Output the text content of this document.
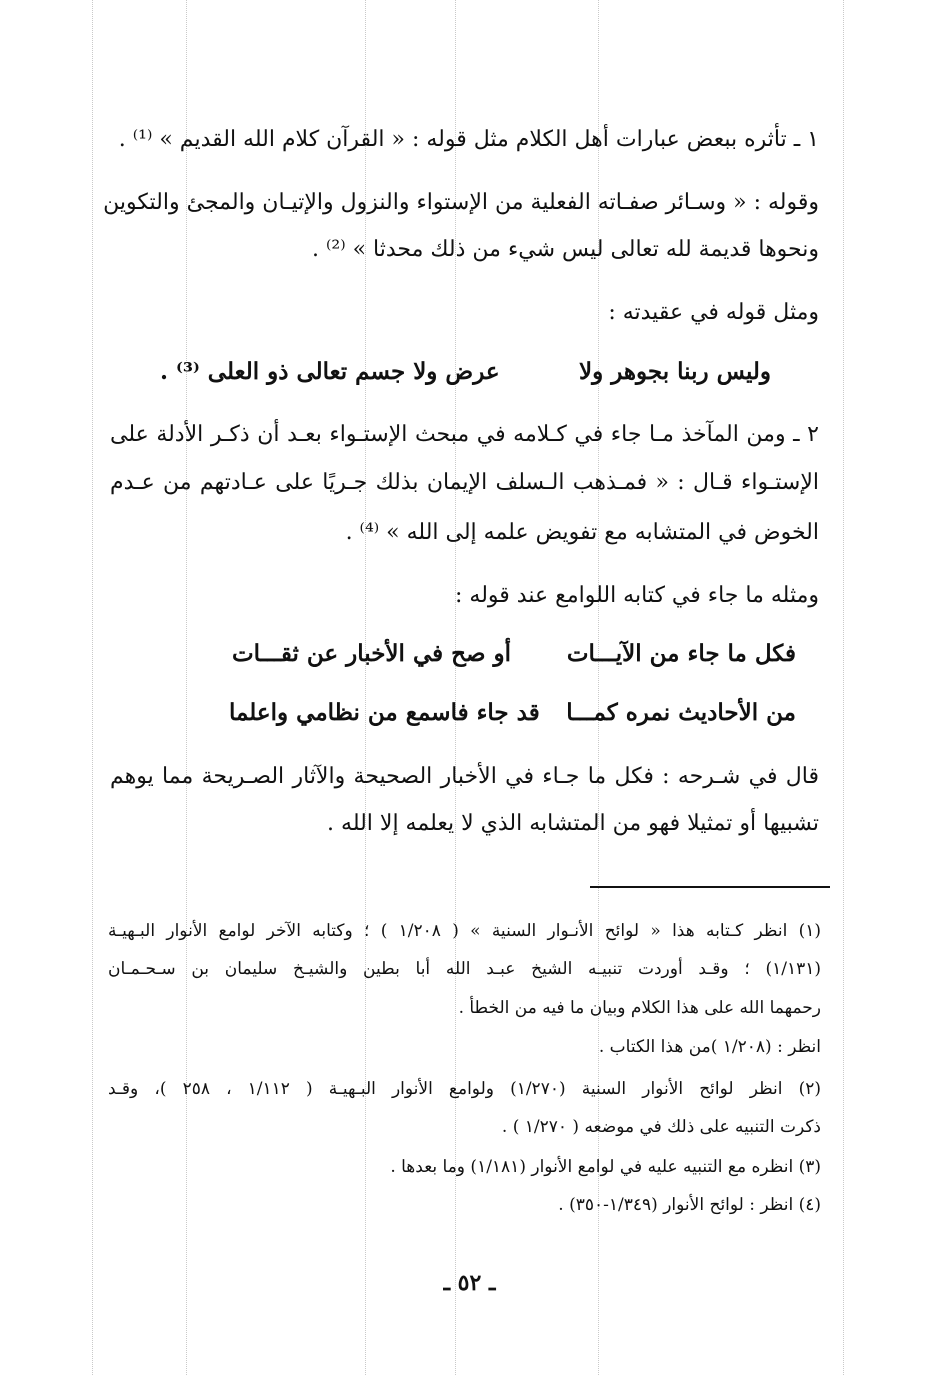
١ ـ تأثره ببعض عبارات أهل الكلام مثل قوله : « القرآن كلام الله القديم » ⁽¹⁾ .
وقوله : « وسـائر صفـاته الفعلية من الإستواء والنزول والإتيـان والمجئ والتكوين
ونحوها قديمة لله تعالى ليس شيء من ذلك محدثا » ⁽²⁾ .
ومثل قوله في عقيدته :
وليس ربنا بجوهر ولا
عرض ولا جسم تعالى ذو العلى ⁽³⁾ .
٢ ـ ومن المآخذ مـا جاء في كـلامه في مبحث الإستـواء بعـد أن ذكـر الأدلة على
الإستـواء قـال : « فمـذهب الـسلف الإيمان بذلك جـريًا على عـادتهم من عـدم
الخوض في المتشابه مع تفويض علمه إلى الله » ⁽⁴⁾ .
ومثله ما جاء في كتابه اللوامع عند قوله :
فكل ما جاء من الآيـــات
أو صح في الأخبار عن ثقـــات
من الأحاديث نمره كمـــا
قد جاء فاسمع من نظامي واعلما
قال في شـرحه : فكل ما جـاء في الأخبار الصحيحة والآثار الصـريحة مما يوهم
تشبيها أو تمثيلا فهو من المتشابه الذي لا يعلمه إلا الله .
(١) انظر كـتابه هذا « لوائح الأنـوار السنية » ( ١/٢٠٨ ) ؛ وكتابه الآخر لوامع الأنوار البـهيـة
(١/١٣١) ؛ وقـد أوردت تنبيـه الشيخ عبـد الله أبا بطين والشيـخ سليمان بن سـحـمـان
رحمهما الله على هذا الكلام وبيان ما فيه من الخطأ .
انظر : (١/٢٠٨ )من هذا الكتاب .
(٢) انظر لوائح الأنوار السنية (١/٢٧٠) ولوامع الأنوار البـهيـة ( ١/١١٢ ، ٢٥٨ )، وقـد
ذكرت التنبيه على ذلك في موضعه ( ١/٢٧٠ ) .
(٣) انظره مع التنبيه عليه في لوامع الأنوار (١/١٨١) وما بعدها .
(٤) انظر : لوائح الأنوار (١/٣٤٩-٣٥٠) .
ـ ٥٢ ـ
